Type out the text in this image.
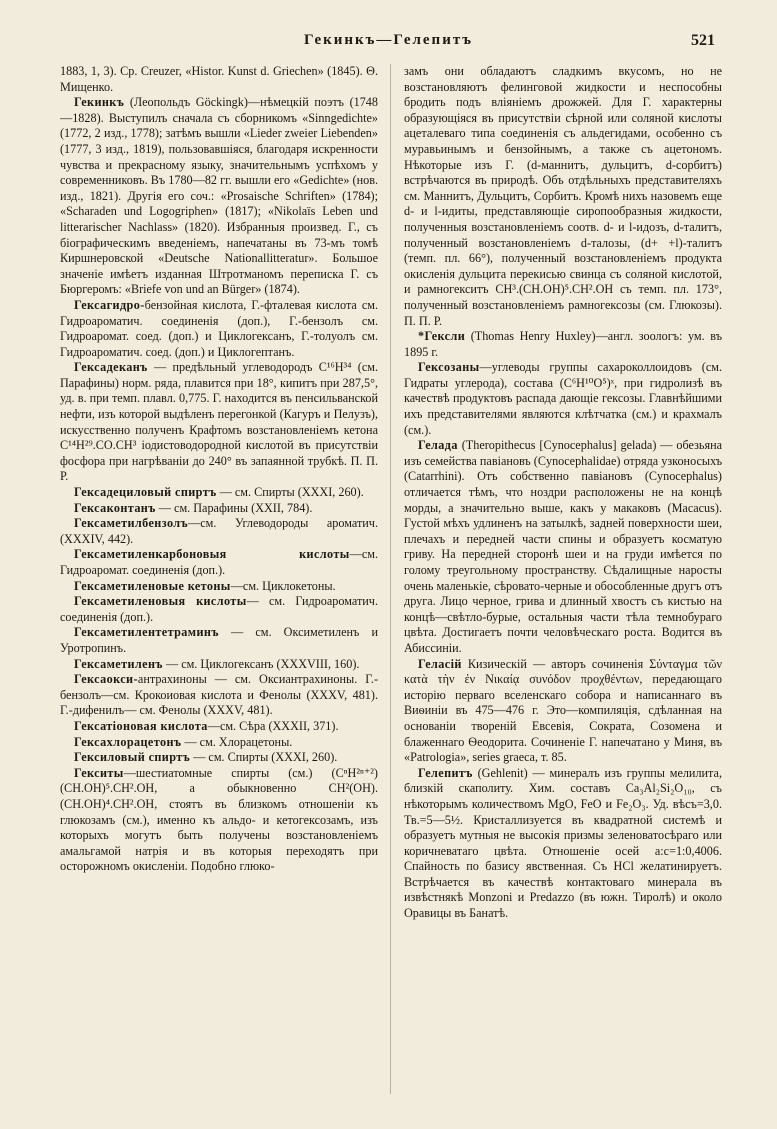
Гекинкъ—Гелепитъ	521

1883, 1, 3). Ср. Creuzer, «Histor. Kunst d. Griechen» (1845). Θ. Мищенко.

Гекинкъ (Леопольдъ Göckingk)—нѣмецкій поэтъ (1748—1828). Выступилъ сначала съ сборникомъ «Sinngedichte» (1772, 2 изд., 1778); затѣмъ вышли «Lieder zweier Liebenden» (1777, 3 изд., 1819), пользовавшiяся, благодаря искренности чувства и прекрасному языку, значительнымъ успѣхомъ у современниковъ. Въ 1780—82 гг. вышли его «Gedichte» (нов. изд., 1821). Другія его соч.: «Prosaische Schriften» (1784); «Scharaden und Logogriphen» (1817); «Nikolaïs Leben und litterarischer Nachlass» (1820). Избранныя произвед. Г., съ біографическимъ введеніемъ, напечатаны въ 73-мъ томѣ Киршнеровской «Deutsche Nationallitteratur». Большое значеніе имѣетъ изданная Штротманомъ переписка Г. съ Бюргеромъ: «Briefe von und an Bürger» (1874).

Гексагидро-бензойная кислота, Г.-фталевая кислота см. Гидроароматич. соединенія (доп.), Г.-бензолъ см. Гидроаромат. соед. (доп.) и Циклогексанъ, Г.-толуолъ см. Гидроароматич. соед. (доп.) и Циклогептанъ.

Гексадеканъ — предѣльный углеводородъ C¹⁶H³⁴ (см. Парафины) норм. ряда, плавится при 18°, кипитъ при 287,5°, уд. в. при темп. плавл. 0,775. Г. находится въ пенсильванской нефти, изъ которой выдѣленъ перегонкой (Кагуръ и Пелузъ), искусственно полученъ Крафтомъ возстановленіемъ кетона C¹⁴H²⁹.CO.CH³ іодистоводородной кислотой въ присутствіи фосфора при нагрѣваніи до 240° въ запаянной трубкѣ. П. П. Р.

Гексадециловый спиртъ — см. Спирты (XXXI, 260).

Гексаконтанъ — см. Парафины (XXII, 784).

Гексаметилбензолъ—см. Углеводороды ароматич. (XXXIV, 442).

Гексаметиленкарбоновыя кислоты—см. Гидроаромат. соединенія (доп.).

Гексаметиленовые кетоны—см. Циклокетоны.

Гексаметиленовыя кислоты— см. Гидроароматич. соединенія (доп.).

Гексаметилентетраминъ — см. Оксиметиленъ и Уротропинъ.

Гексаметиленъ — см. Циклогексанъ (XXXVIII, 160).

Гексаокси-антрахиноны — см. Оксиантрахиноны. Г.-бензолъ—см. Крокоиовая кислота и Фенолы (XXXV, 481). Г.-дифенилъ— см. Фенолы (XXXV, 481).

Гексатіоновая кислота—см. Сѣра (XXXII, 371).

Гексахлорацетонъ — см. Хлорацетоны.

Гексиловый спиртъ — см. Спирты (XXXI, 260).

Гекситы—шестиатомные спирты (см.) (CⁿH²ⁿ⁺²)(CH.OH)⁵.CH².OH, а обыкновенно CH²(OH).(CH.OH)⁴.CH².OH, стоятъ въ близкомъ отношеніи къ глюкозамъ (см.), именно къ альдо- и кетогексозамъ, изъ которыхъ могутъ быть получены возстановленіемъ амальгамой натрія и въ которыя переходятъ при осторожномъ окисленіи. Подобно глюко-

замъ они обладаютъ сладкимъ вкусомъ, но не возстановляютъ фелинговой жидкости и неспособны бродить подъ вліяніемъ дрожжей. Для Г. характерны образующіяся въ присутствіи сѣрной или соляной кислоты ацеталеваго типа соединенія съ альдегидами, особенно съ муравьинымъ и бензойнымъ, а также съ ацетономъ. Нѣкоторые изъ Г. (d-маннитъ, дульцитъ, d-сорбитъ) встрѣчаются въ природѣ. Объ отдѣльныхъ представителяхъ см. Маннитъ, Дульцитъ, Сорбитъ. Кромѣ нихъ назовемъ еще d- и l-идиты, представляющіе сиропообразныя жидкости, полученныя возстановленіемъ соотв. d- и l-идозъ, d-талитъ, полученный возстановленіемъ d-талозы, (d+ +l)-талитъ (темп. пл. 66°), полученный возстановленіемъ продукта окисленія дульцита перекисью свинца съ соляной кислотой, и рамногекситъ CH³.(CH.OH)⁵.CH².OH съ темп. пл. 173°, полученный возстановленіемъ рамногексозы (см. Глюкозы). П. П. Р.

*Гексли (Thomas Henry Huxley)—англ. зоологъ: ум. въ 1895 г.

Гексозаны—углеводы группы сахароколлоидовъ (см. Гидраты углерода), состава (C⁶H¹⁰O⁵)ˣ, при гидролизѣ въ качествѣ продуктовъ распада дающіе гексозы. Главнѣйшими ихъ представителями являются клѣтчатка (см.) и крахмалъ (см.).

Гелада (Theropithecus [Cynocephalus] gelada) — обезьяна изъ семейства павіановъ (Cynocephalidae) отряда узконосыхъ (Catarrhini). Отъ собственно павіановъ (Cynocephalus) отличается тѣмъ, что ноздри расположены не на концѣ морды, а значительно выше, какъ у макаковъ (Macacus). Густой мѣхъ удлиненъ на затылкѣ, задней поверхности шеи, плечахъ и передней части спины и образуетъ косматую гриву. На передней сторонѣ шеи и на груди имѣется по голому треугольному пространству. Сѣдалищные наросты очень маленькіе, сѣровато-черные и обособленные другъ отъ друга. Лицо черное, грива и длинный хвостъ съ кистью на концѣ—свѣтло-бурые, остальныя части тѣла темнобураго цвѣта. Достигаетъ почти человѣческаго роста. Водится въ Абиссиніи.

Геласій Кизическій — авторъ сочиненія Σύνταγμα τῶν κατὰ τὴν ἐν Νικαίᾳ συνόδον προχθέντων, передающаго исторію перваго вселенскаго собора и написаннаго въ Виѳиніи въ 475—476 г. Это—компиляція, сдѣланная на основаніи твореній Евсевія, Сократа, Созомена и блаженнаго Ѳеодорита. Сочиненіе Г. напечатано у Миня, въ «Patrologia», series graeca, т. 85.

Гелепитъ (Gehlenit) — минералъ изъ группы мелилита, близкій скаполиту. Хим. составъ Ca₃Al₂Si₂O₁₀, съ нѣкоторымъ количествомъ MgO, FeO и Fe₂O₃. Уд. вѣсъ=3,0. Тв.=5—5½. Кристаллизуется въ квадратной системѣ и образуетъ мутныя не высокія призмы зеленоватосѣраго или коричневатаго цвѣта. Отношеніе осей a:c=1:0,4006. Спайность по базису явственная. Съ HCl желатинируетъ. Встрѣчается въ качествѣ контактоваго минерала въ извѣстнякѣ Monzoni и Predazzo (въ южн. Тиролѣ) и около Оравицы въ Банатѣ.
